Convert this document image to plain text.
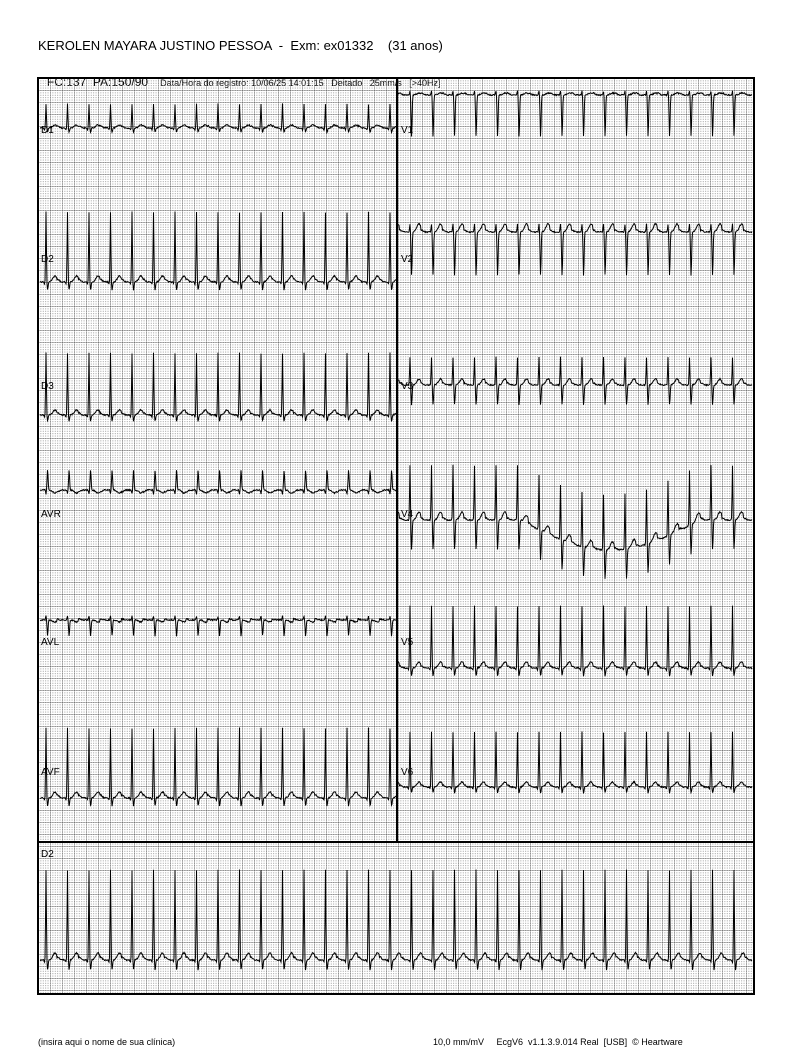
KEROLEN MAYARA JUSTINO PESSOA  -  Exm: ex01332    (31 anos)

D1
D2
D3
AVR
AVL
AVF
V1
V2
V3
V4
V5
V6
D2
(insira aqui o nome de sua clínica)	10,0 mm/mV EcgV6  v1.1.3.9.014 Real  [USB]  © Heartware
